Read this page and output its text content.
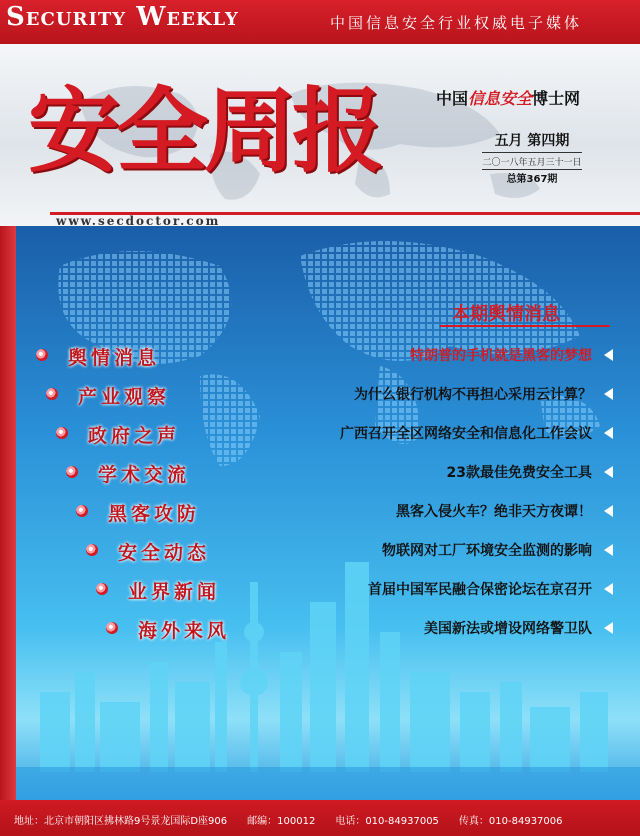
Security Weekly	中国信息安全行业权威电子媒体
安全周报	中国信息安全博士网
五月 第四期
二〇一八年五月三十一日
总第367期
www.secdoctor.com
本期舆情消息
舆情消息	特朗普的手机就是黑客的梦想
产业观察	为什么银行机构不再担心采用云计算？
政府之声	广西召开全区网络安全和信息化工作会议
学术交流	23款最佳免费安全工具
黑客攻防	黑客入侵火车？绝非天方夜谭！
安全动态	物联网对工厂环境安全监测的影响
业界新闻	首届中国军民融合保密论坛在京召开
海外来风	美国新法或增设网络警卫队
地址：北京市朝阳区拂林路9号景龙国际D座906　　邮编：100012　　电话：010-84937005　　传真：010-84937006
